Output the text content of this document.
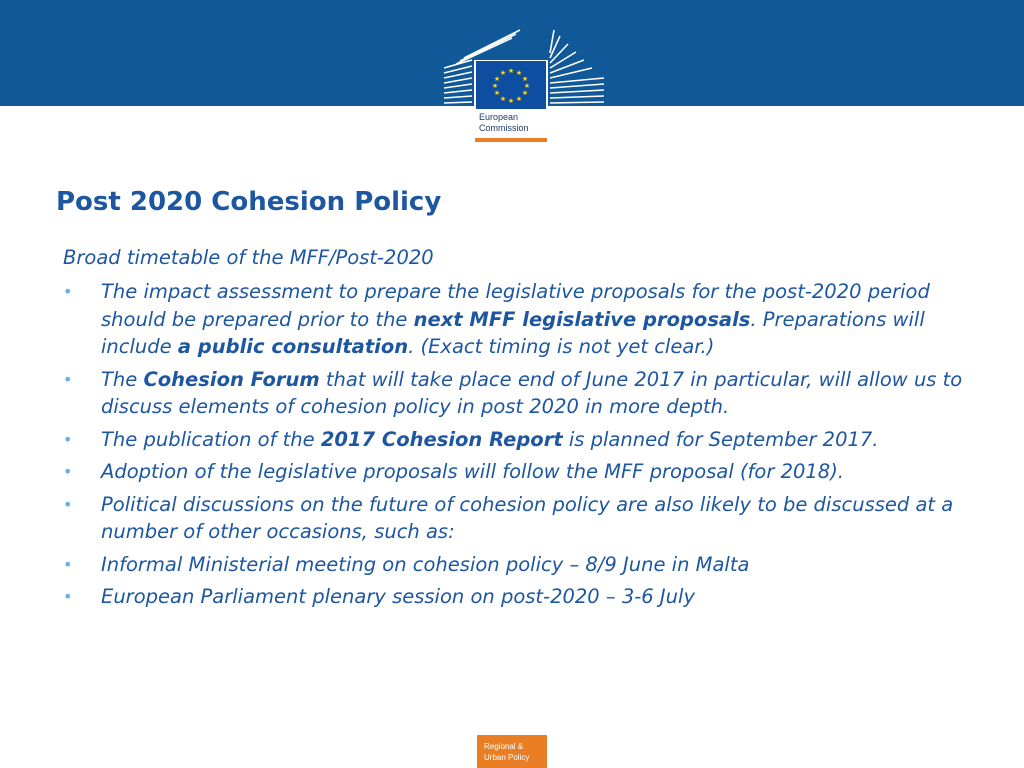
★ ★
★
★
★
★
★
★
★
★
★
★
European
Commission
Post 2020 Cohesion Policy

Broad timetable of the MFF/Post-2020

• The impact assessment to prepare the legislative proposals for the post-2020 period should be prepared prior to the next MFF legislative proposals. Preparations will include a public consultation. (Exact timing is not yet clear.)
• The Cohesion Forum that will take place end of June 2017 in particular, will allow us to discuss elements of cohesion policy in post 2020 in more depth.
• The publication of the 2017 Cohesion Report is planned for September 2017.
• Adoption of the legislative proposals will follow the MFF proposal (for 2018).
• Political discussions on the future of cohesion policy are also likely to be discussed at a number of other occasions, such as:
• Informal Ministerial meeting on cohesion policy – 8/9 June in Malta
• European Parliament plenary session on post-2020 – 3-6 July
Regional &
Urban Policy
